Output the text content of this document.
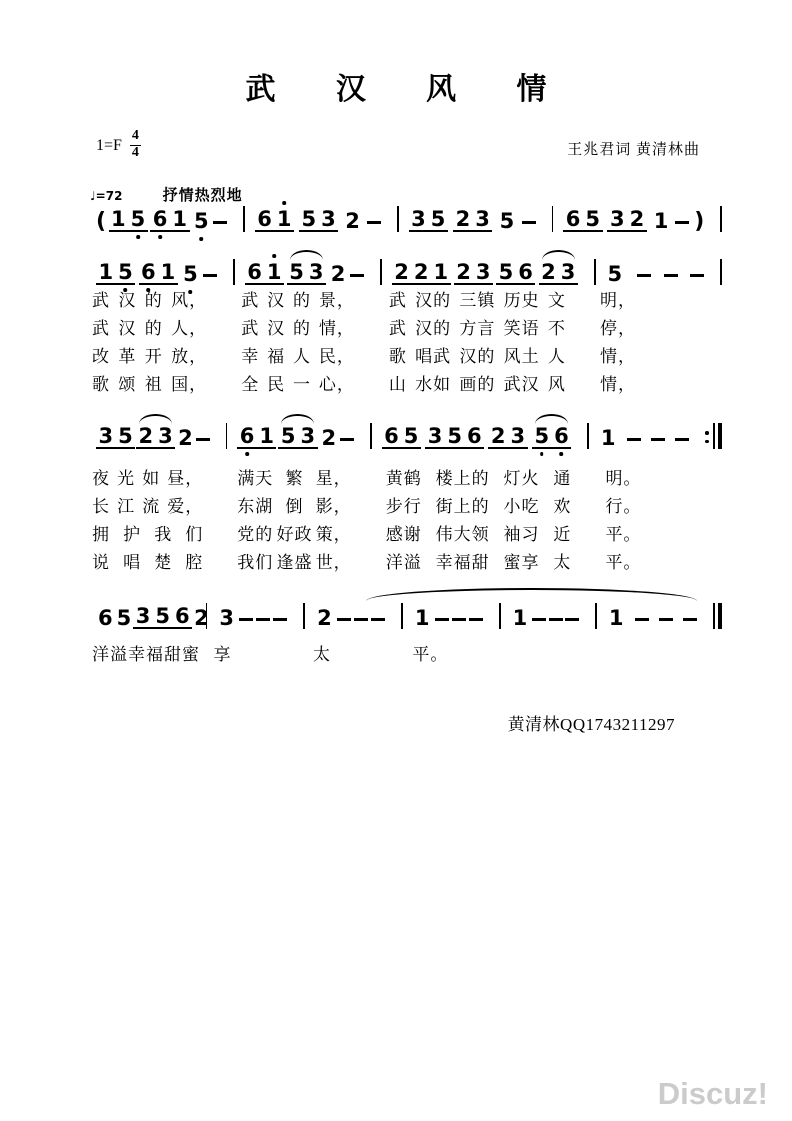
武 汉 风 情
$1=F \frac{4}{4}$	王兆君词 黄清林曲
♩=72	抒情热烈地
( 1 5 6 1 5 6 1 5 3 2 3 5 2 3 5 6 5 3 2 1 )
1 5 6 1 5 6 1 5 3 2 2 2 1 2 3 5 6 2 3 5
武 汉 的 风， 武 汉 的 景， 武 汉的 三镇 历史 文 明，
武 汉 的 人， 武 汉 的 情， 武 汉的 方言 笑语 不 停，
改 革 开 放， 幸 福 人 民， 歌 唱武 汉的 风土 人 情，
歌 颂 祖 国， 全 民 一 心， 山 水如 画的 武汉 风 情，
3 5 2 3 2 6 1 5 3 2 6 5 3 5 6 2 3 5 6 1
夜 光 如 昼， 满天 繁 星， 黄鹤 楼上的 灯火 通 明。
长 江 流 爱， 东湖 倒 影， 步行 街上的 小吃 欢 行。
拥 护 我 们 党的 好政 策， 感谢 伟大领 袖习 近 平。
说 唱 楚 腔 我们 逢盛 世， 洋溢 幸福甜 蜜享 太 平。
6 5 3 5 6 2 3	2	1	1	1
洋 溢 幸福甜 蜜 享	太	平。
黄清林QQ1743211297
Discuz!
